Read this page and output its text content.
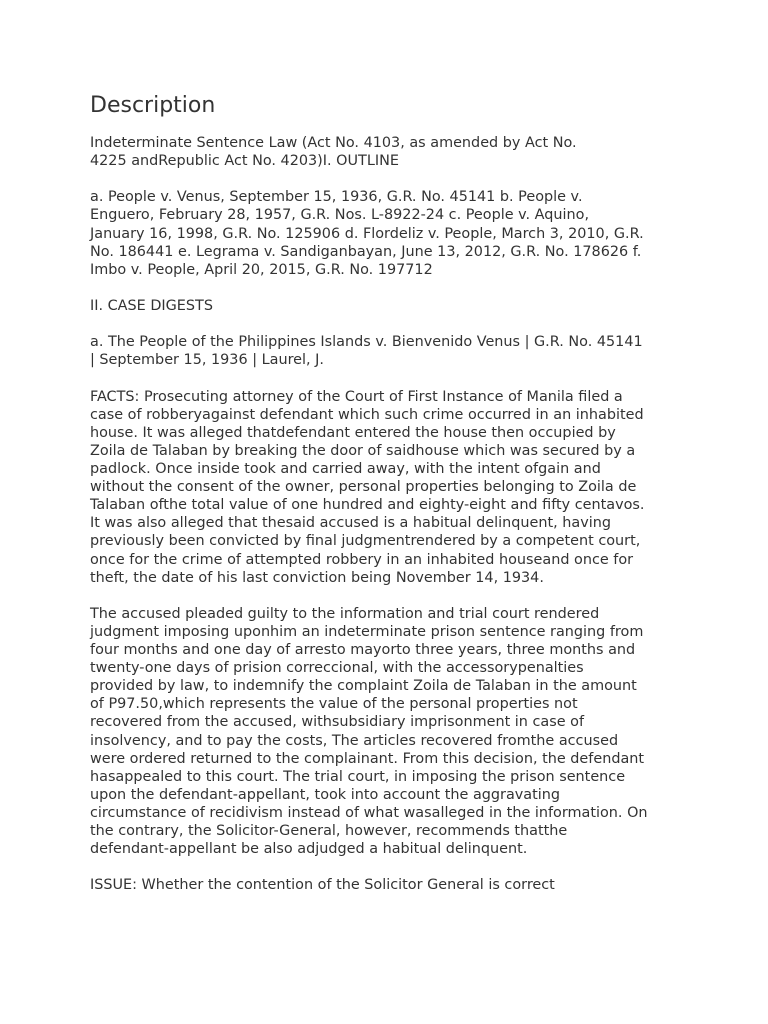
Description

Indeterminate Sentence Law (Act No. 4103, as amended by Act No.
4225 andRepublic Act No. 4203)I. OUTLINE

a. People v. Venus, September 15, 1936, G.R. No. 45141 b. People v.
Enguero, February 28, 1957, G.R. Nos. L-8922-24 c. People v. Aquino,
January 16, 1998, G.R. No. 125906 d. Flordeliz v. People, March 3, 2010, G.R.
No. 186441 e. Legrama v. Sandiganbayan, June 13, 2012, G.R. No. 178626 f.
Imbo v. People, April 20, 2015, G.R. No. 197712

II. CASE DIGESTS

a. The People of the Philippines Islands v. Bienvenido Venus | G.R. No. 45141
| September 15, 1936 | Laurel, J.

FACTS: Prosecuting attorney of the Court of First Instance of Manila filed a
case of robberyagainst defendant which such crime occurred in an inhabited
house. It was alleged thatdefendant entered the house then occupied by
Zoila de Talaban by breaking the door of saidhouse which was secured by a
padlock. Once inside took and carried away, with the intent ofgain and
without the consent of the owner, personal properties belonging to Zoila de
Talaban ofthe total value of one hundred and eighty-eight and fifty centavos.
It was also alleged that thesaid accused is a habitual delinquent, having
previously been convicted by final judgmentrendered by a competent court,
once for the crime of attempted robbery in an inhabited houseand once for
theft, the date of his last conviction being November 14, 1934.

The accused pleaded guilty to the information and trial court rendered
judgment imposing uponhim an indeterminate prison sentence ranging from
four months and one day of arresto mayorto three years, three months and
twenty-one days of prision correccional, with the accessorypenalties
provided by law, to indemnify the complaint Zoila de Talaban in the amount
of P97.50,which represents the value of the personal properties not
recovered from the accused, withsubsidiary imprisonment in case of
insolvency, and to pay the costs, The articles recovered fromthe accused
were ordered returned to the complainant. From this decision, the defendant
hasappealed to this court. The trial court, in imposing the prison sentence
upon the defendant-appellant, took into account the aggravating
circumstance of recidivism instead of what wasalleged in the information. On
the contrary, the Solicitor-General, however, recommends thatthe
defendant-appellant be also adjudged a habitual delinquent.

ISSUE: Whether the contention of the Solicitor General is correct
